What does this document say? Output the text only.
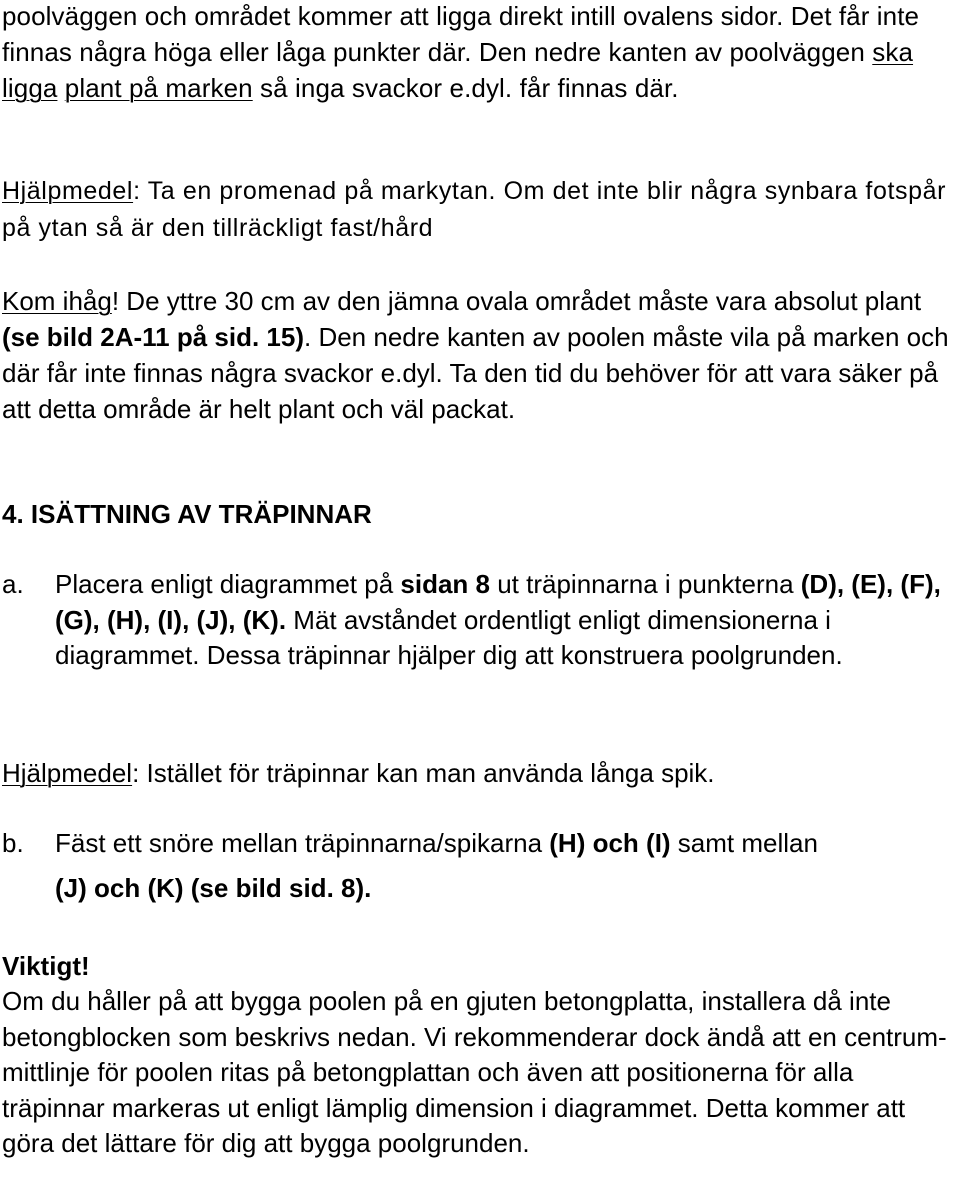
poolväggen och området kommer att ligga direkt intill ovalens sidor. Det får inte finnas några höga eller låga punkter där. Den nedre kanten av poolväggen ska ligga plant på marken så inga svackor e.dyl. får finnas där.

Hjälpmedel: Ta en promenad på markytan. Om det inte blir några synbara fotspår på ytan så är den tillräckligt fast/hård

Kom ihåg! De yttre 30 cm av den jämna ovala området måste vara absolut plant (se bild 2A-11 på sid. 15). Den nedre kanten av poolen måste vila på marken och där får inte finnas några svackor e.dyl. Ta den tid du behöver för att vara säker på att detta område är helt plant och väl packat.

4. ISÄTTNING AV TRÄPINNAR
a. Placera enligt diagrammet på sidan 8 ut träpinnarna i punkterna (D), (E), (F), (G), (H), (I), (J), (K). Mät avståndet ordentligt enligt dimensionerna i diagrammet. Dessa träpinnar hjälper dig att konstruera poolgrunden.

Hjälpmedel: Istället för träpinnar kan man använda långa spik.

b. Fäst ett snöre mellan träpinnarna/spikarna (H) och (I) samt mellan
(J) och (K) (se bild sid. 8).
Viktigt!

Om du håller på att bygga poolen på en gjuten betongplatta, installera då inte betongblocken som beskrivs nedan. Vi rekommenderar dock ändå att en centrum-mittlinje för poolen ritas på betongplattan och även att positionerna för alla träpinnar markeras ut enligt lämplig dimension i diagrammet. Detta kommer att göra det lättare för dig att bygga poolgrunden.
